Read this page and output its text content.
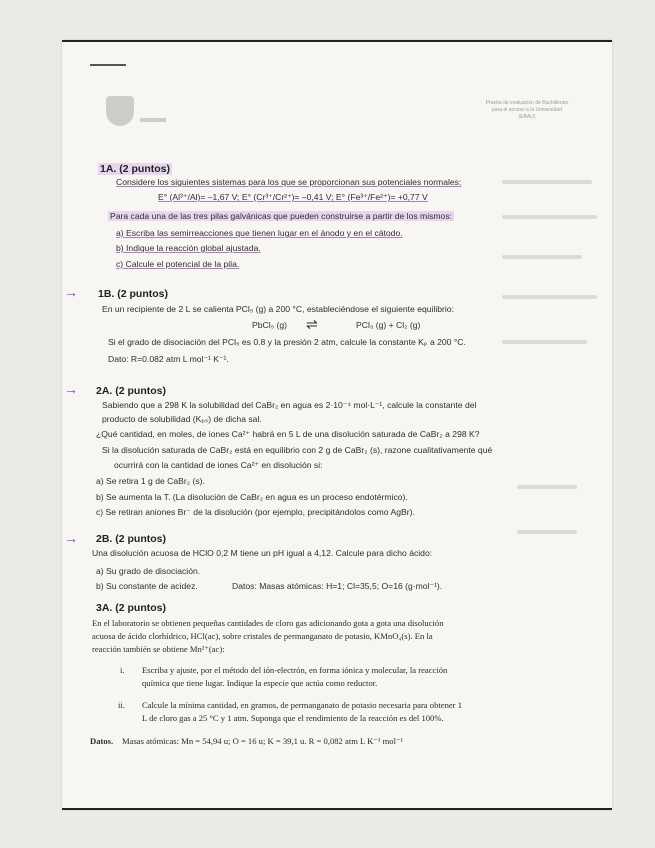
Prueba de evaluación de Bachillerato
para el acceso a la Universidad
(EBAU)
1A. (2 puntos)
Considere los siguientes sistemas para los que se proporcionan sus potenciales normales:
E° (Al³⁺/Al)= –1,67 V; E° (Cr³⁺/Cr²⁺)= –0,41 V; E° (Fe³⁺/Fe²⁺)= +0,77 V
Para cada una de las tres pilas galvánicas que pueden construirse a partir de los mismos:
a) Escriba las semirreacciones que tienen lugar en el ánodo y en el cátodo.
b) Indique la reacción global ajustada.
c) Calcule el potencial de la pila.
→ 1B. (2 puntos)
En un recipiente de 2 L se calienta PCl₅ (g) a 200 °C, estableciéndose el siguiente equilibrio:
PbCl₅ (g) ⇌	PCl₃ (g) + Cl₂ (g)
Si el grado de disociación del PCl₅ es 0.8 y la presión 2 atm, calcule la constante Kₚ a 200 °C.
Dato: R=0.082 atm L mol⁻¹ K⁻¹.
→ 2A. (2 puntos)
Sabiendo que a 298 K la solubilidad del CaBr₂ en agua es 2·10⁻⁴ mol·L⁻¹, calcule la constante del
producto de solubilidad (Kₚₛ) de dicha sal.
¿Qué cantidad, en moles, de iones Ca²⁺ habrá en 5 L de una disolución saturada de CaBr₂ a 298 K?
Si la disolución saturada de CaBr₂ está en equilibrio con 2 g de CaBr₂ (s), razone cualitativamente qué
ocurrirá con la cantidad de iones Ca²⁺ en disolución si:
a) Se retira 1 g de CaBr₂ (s).
b) Se aumenta la T. (La disolución de CaBr₂ en agua es un proceso endotérmico).
c) Se retiran aniones Br⁻ de la disolución (por ejemplo, precipitándolos como AgBr).
→ 2B. (2 puntos)
Una disolución acuosa de HClO 0,2 M tiene un pH igual a 4,12. Calcule para dicho ácido:
a) Su grado de disociación.
b) Su constante de acidez.	Datos: Masas atómicas: H=1; Cl=35,5; O=16 (g·mol⁻¹).
3A. (2 puntos)
En el laboratorio se obtienen pequeñas cantidades de cloro gas adicionando gota a gota una disolución
acuosa de ácido clorhídrico, HCl(ac), sobre cristales de permanganato de potasio, KMnO₄(s). En la
reacción también se obtiene Mn²⁺(ac):
i. Escriba y ajuste, por el método del ión-electrón, en forma iónica y molecular, la reacción
química que tiene lugar. Indique la especie que actúa como reductor.
ii. Calcule la mínima cantidad, en gramos, de permanganato de potasio necesaria para obtener 1
L de cloro gas a 25 °C y 1 atm. Suponga que el rendimiento de la reacción es del 100%.
Datos. Masas atómicas: Mn = 54,94 u; O = 16 u; K = 39,1 u. R = 0,082 atm L K⁻¹ mol⁻¹
